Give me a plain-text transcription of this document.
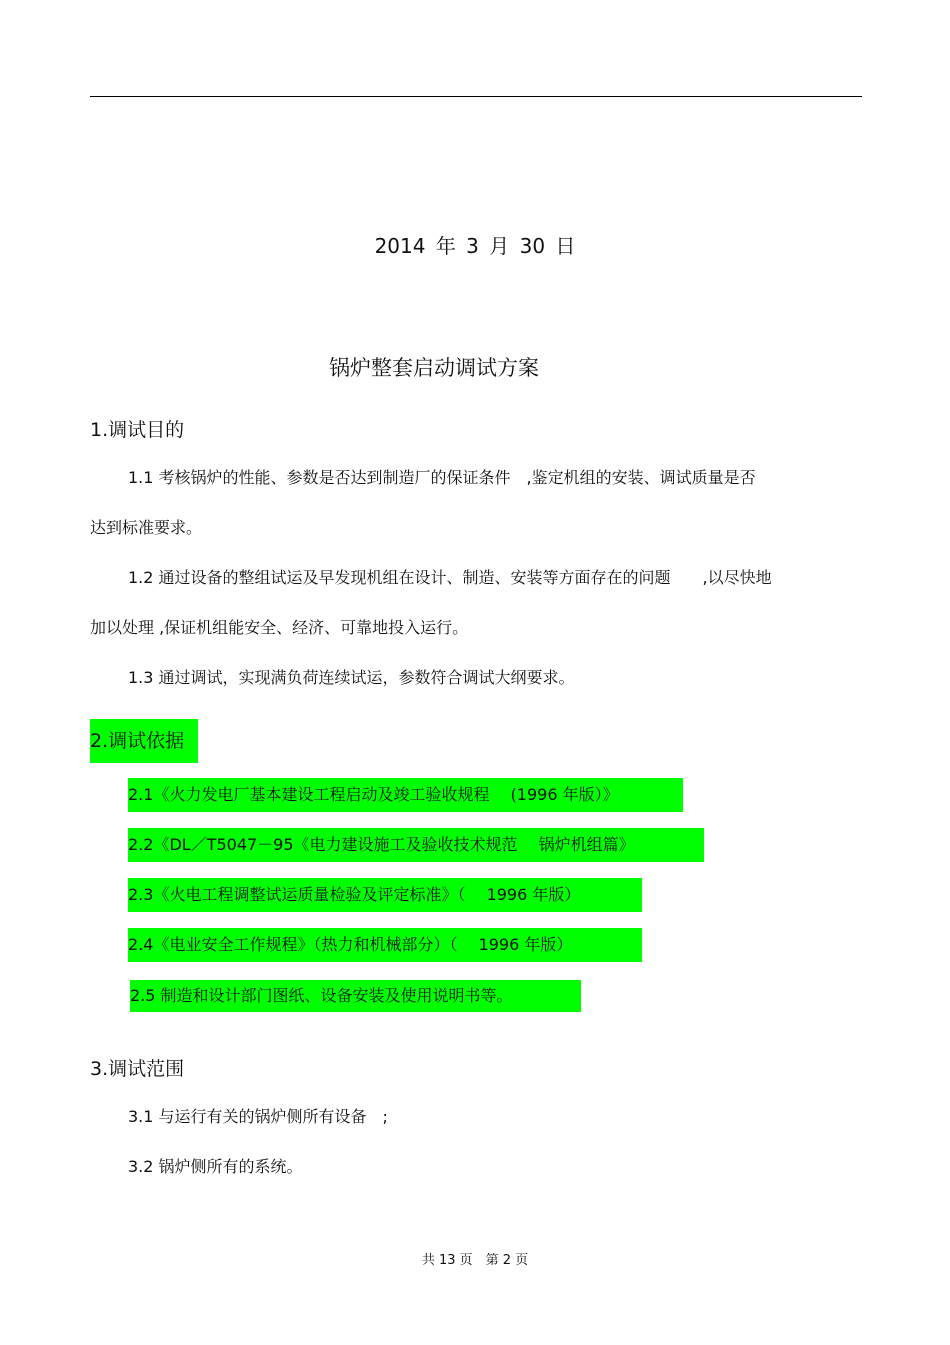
2014 年 3 月 30 日
锅炉整套启动调试方案
1.调试目的
1.1 考核锅炉的性能、参数是否达到制造厂的保证条件　,鉴定机组的安装、调试质量是否
达到标准要求。
1.2 通过设备的整组试运及早发现机组在设计、制造、安装等方面存在的问题　　,以尽快地
加以处理 ,保证机组能安全、经济、可靠地投入运行。
1.3 通过调试，实现满负荷连续试运，参数符合调试大纲要求。
2.调试依据
2.1《火力发电厂基本建设工程启动及竣工验收规程　 (1996 年版）》
2.2《DL／T5047－95《电力建设施工及验收技术规范　 锅炉机组篇》
2.3《火电工程调整试运质量检验及评定标准》（　 1996 年版）
2.4《电业安全工作规程》（热力和机械部分）（　 1996 年版）
2.5 制造和设计部门图纸、设备安装及使用说明书等。
3.调试范围
3.1 与运行有关的锅炉侧所有设备　;
3.2 锅炉侧所有的系统。
共 13 页　第 2 页
